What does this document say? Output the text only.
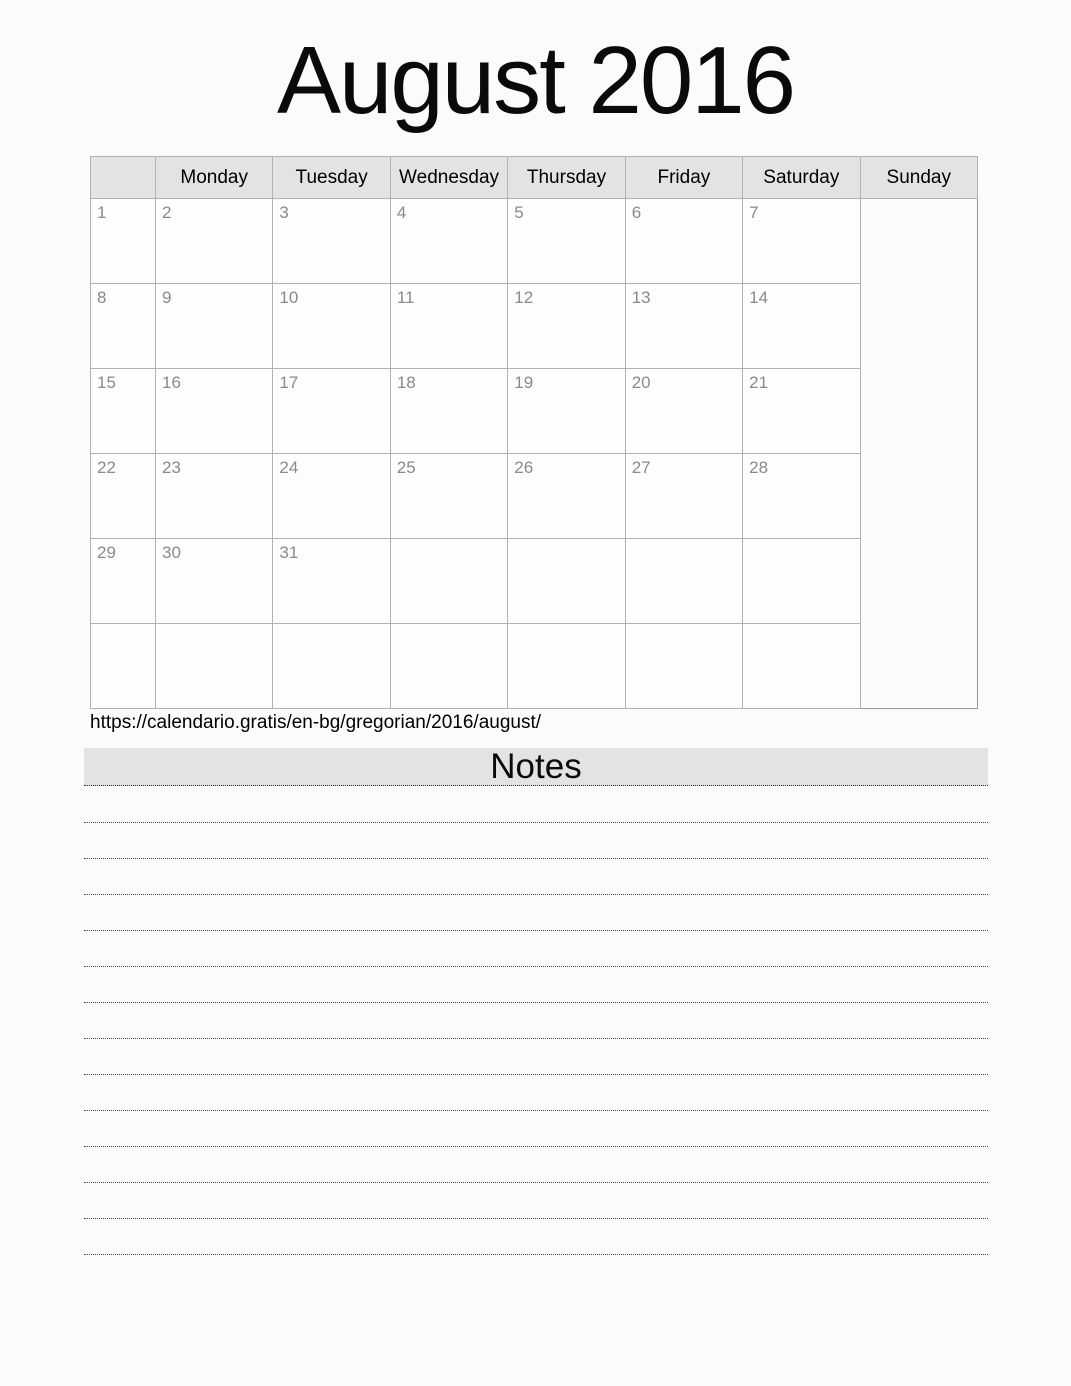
August 2016
	Monday	Tuesday	Wednesday	Thursday	Friday	Saturday	Sunday
1	2	3	4	5	6	7	
8	9	10	11	12	13	14	
15	16	17	18	19	20	21	
22	23	24	25	26	27	28	
29	30	31					

https://calendario.gratis/en-bg/gregorian/2016/august/
Notes
